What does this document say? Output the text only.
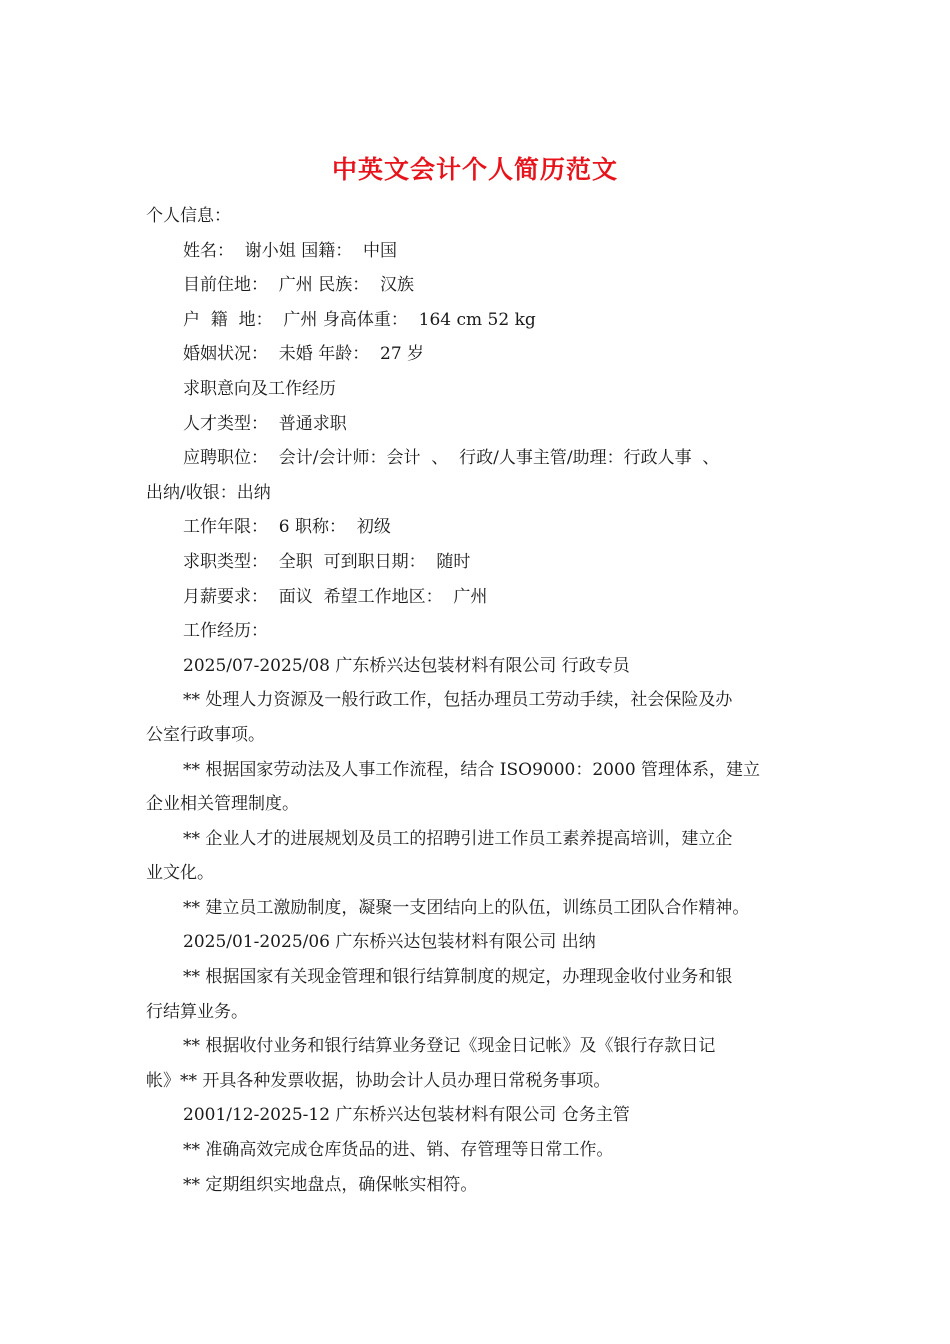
中英文会计个人简历范文
个人信息：
姓名：  谢小姐 国籍：  中国
目前住地：  广州 民族：  汉族
户  籍  地：  广州 身高体重：  164 cm 52 kg
婚姻状况：  未婚 年龄：  27 岁
求职意向及工作经历
人才类型：  普通求职
应聘职位：  会计/会计师：会计  、  行政/人事主管/助理：行政人事  、
出纳/收银：出纳
工作年限：  6 职称：  初级
求职类型：  全职  可到职日期：  随时
月薪要求：  面议  希望工作地区：  广州
工作经历：
2025/07-2025/08 广东桥兴达包装材料有限公司 行政专员
** 处理人力资源及一般行政工作，包括办理员工劳动手续，社会保险及办
公室行政事项。
** 根据国家劳动法及人事工作流程，结合 ISO9000：2000 管理体系，建立
企业相关管理制度。
** 企业人才的进展规划及员工的招聘引进工作员工素养提高培训，建立企
业文化。
** 建立员工激励制度，凝聚一支团结向上的队伍，训练员工团队合作精神。
2025/01-2025/06 广东桥兴达包装材料有限公司 出纳
** 根据国家有关现金管理和银行结算制度的规定，办理现金收付业务和银
行结算业务。
** 根据收付业务和银行结算业务登记《现金日记帐》及《银行存款日记
帐》** 开具各种发票收据，协助会计人员办理日常税务事项。
2001/12-2025-12 广东桥兴达包装材料有限公司 仓务主管
** 准确高效完成仓库货品的进、销、存管理等日常工作。
** 定期组织实地盘点，确保帐实相符。
